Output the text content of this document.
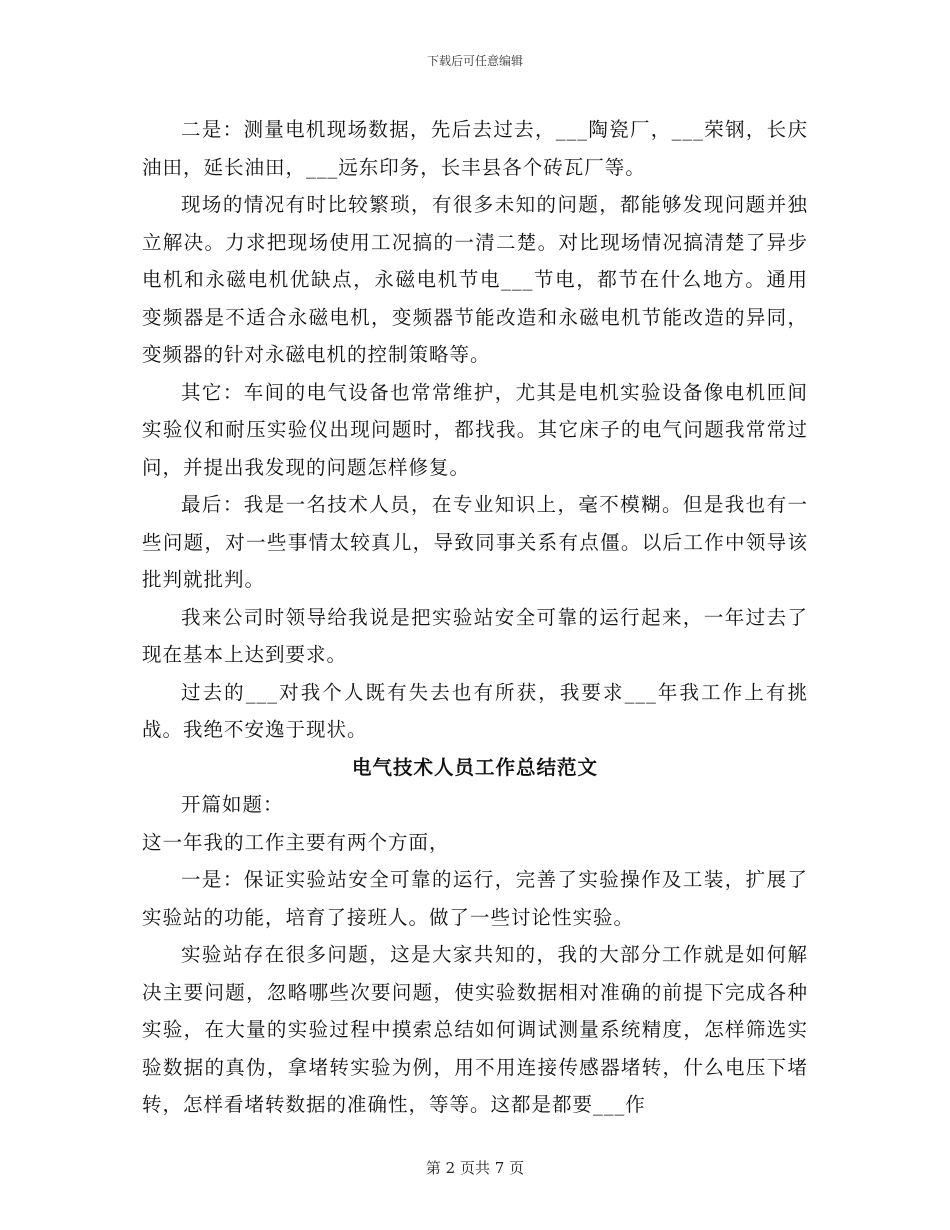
下载后可任意编辑

二是：测量电机现场数据，先后去过去，___陶瓷厂，___荣钢，长庆油田，延长油田，___远东印务，长丰县各个砖瓦厂等。

现场的情况有时比较繁琐，有很多未知的问题，都能够发现问题并独立解决。力求把现场使用工况搞的一清二楚。对比现场情况搞清楚了异步电机和永磁电机优缺点，永磁电机节电___节电，都节在什么地方。通用变频器是不适合永磁电机，变频器节能改造和永磁电机节能改造的异同，变频器的针对永磁电机的控制策略等。

其它：车间的电气设备也常常维护，尤其是电机实验设备像电机匝间实验仪和耐压实验仪出现问题时，都找我。其它床子的电气问题我常常过问，并提出我发现的问题怎样修复。

最后：我是一名技术人员，在专业知识上，毫不模糊。但是我也有一些问题，对一些事情太较真儿，导致同事关系有点僵。以后工作中领导该批判就批判。

我来公司时领导给我说是把实验站安全可靠的运行起来，一年过去了现在基本上达到要求。

过去的___对我个人既有失去也有所获，我要求___年我工作上有挑战。我绝不安逸于现状。

电气技术人员工作总结范文

开篇如题：

这一年我的工作主要有两个方面，

一是：保证实验站安全可靠的运行，完善了实验操作及工装，扩展了实验站的功能，培育了接班人。做了一些讨论性实验。

实验站存在很多问题，这是大家共知的，我的大部分工作就是如何解决主要问题，忽略哪些次要问题，使实验数据相对准确的前提下完成各种实验，在大量的实验过程中摸索总结如何调试测量系统精度，怎样筛选实验数据的真伪，拿堵转实验为例，用不用连接传感器堵转，什么电压下堵转，怎样看堵转数据的准确性，等等。这都是都要___作

第 2 页共 7 页
